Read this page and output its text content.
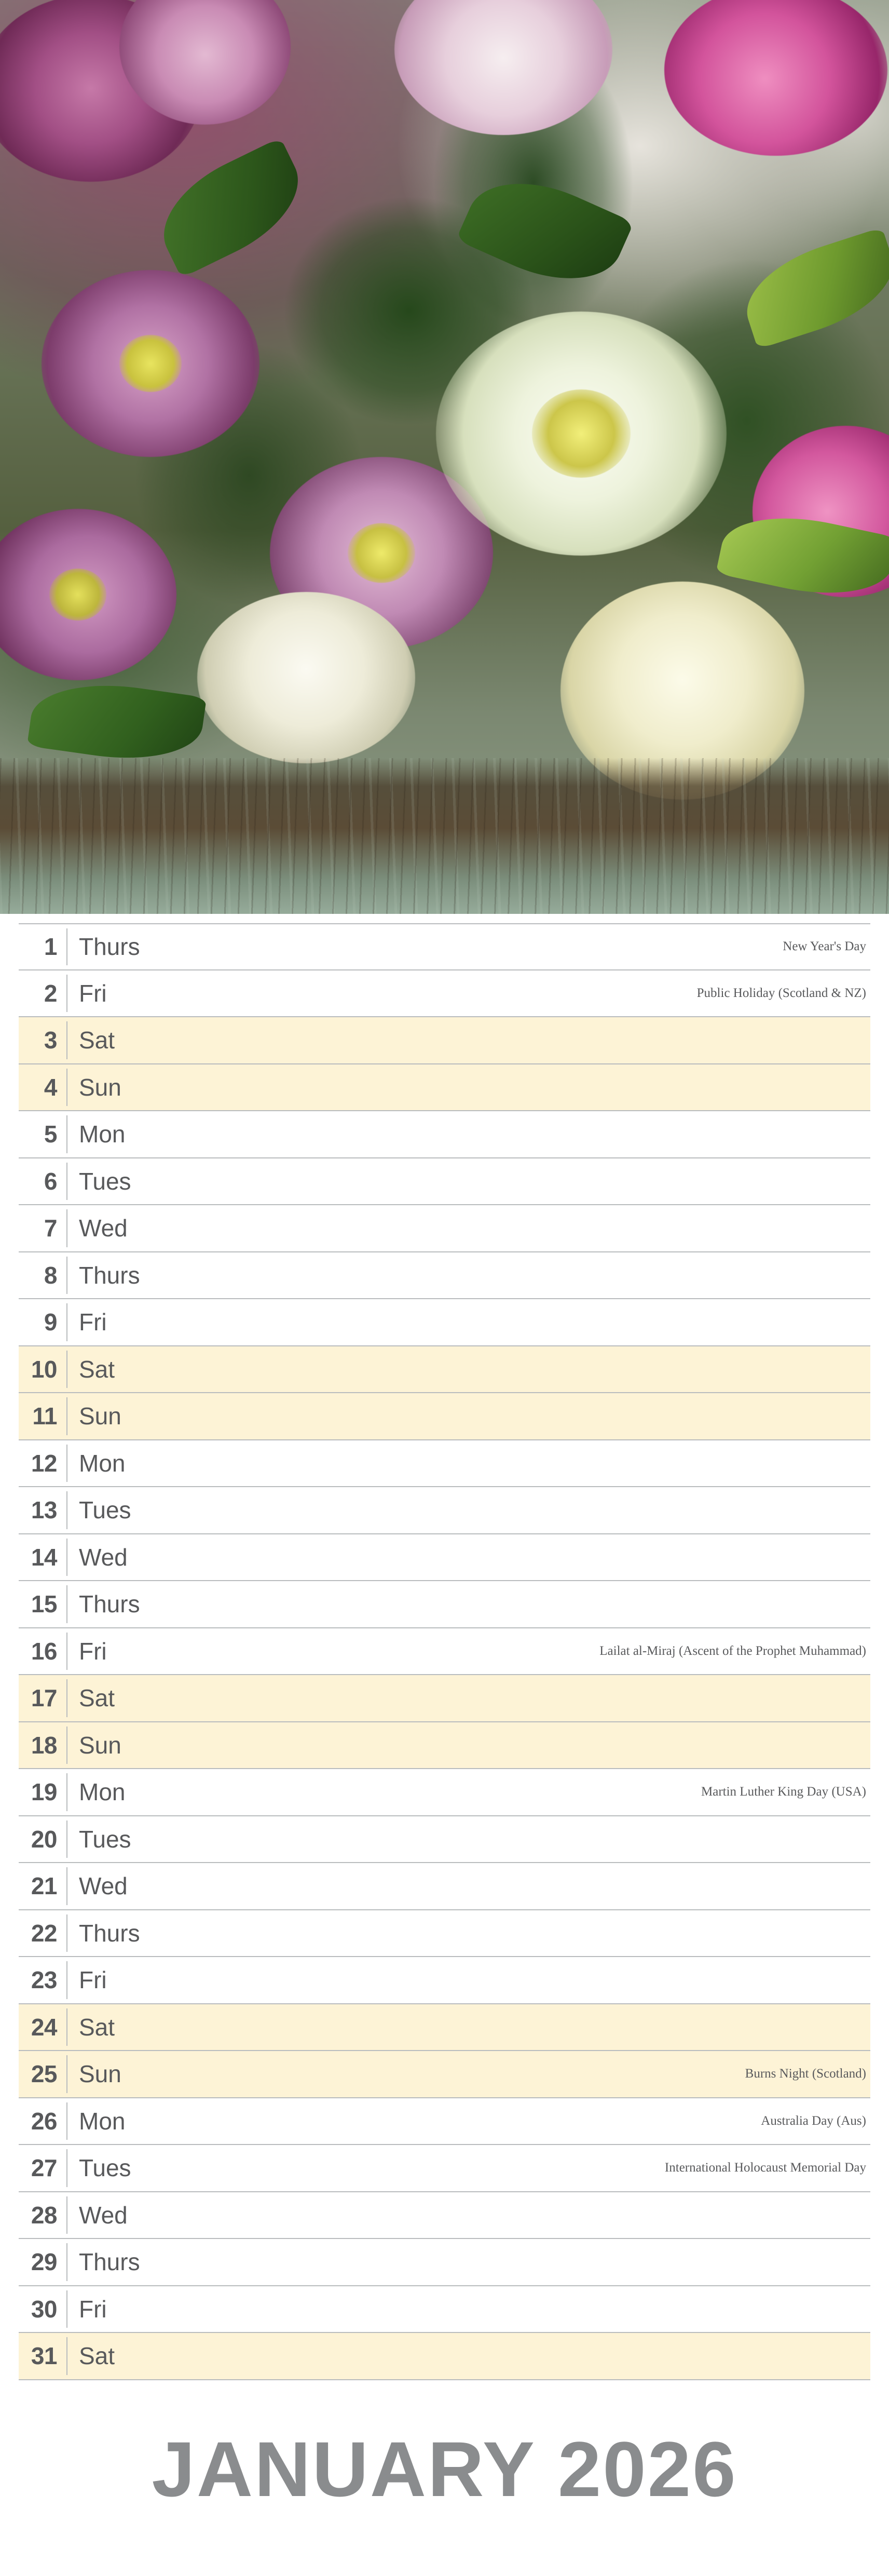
1 Thurs	New Year's Day
2 Fri	Public Holiday (Scotland & NZ)
3 Sat
4 Sun
5 Mon
6 Tues
7 Wed
8 Thurs
9 Fri
10 Sat
11 Sun
12 Mon
13 Tues
14 Wed
15 Thurs
16 Fri	Lailat al-Miraj (Ascent of the Prophet Muhammad)
17 Sat
18 Sun
19 Mon	Martin Luther King Day (USA)
20 Tues
21 Wed
22 Thurs
23 Fri
24 Sat
25 Sun	Burns Night (Scotland)
26 Mon	Australia Day (Aus)
27 Tues	International Holocaust Memorial Day
28 Wed
29 Thurs
30 Fri
31 Sat
JANUARY 2026
